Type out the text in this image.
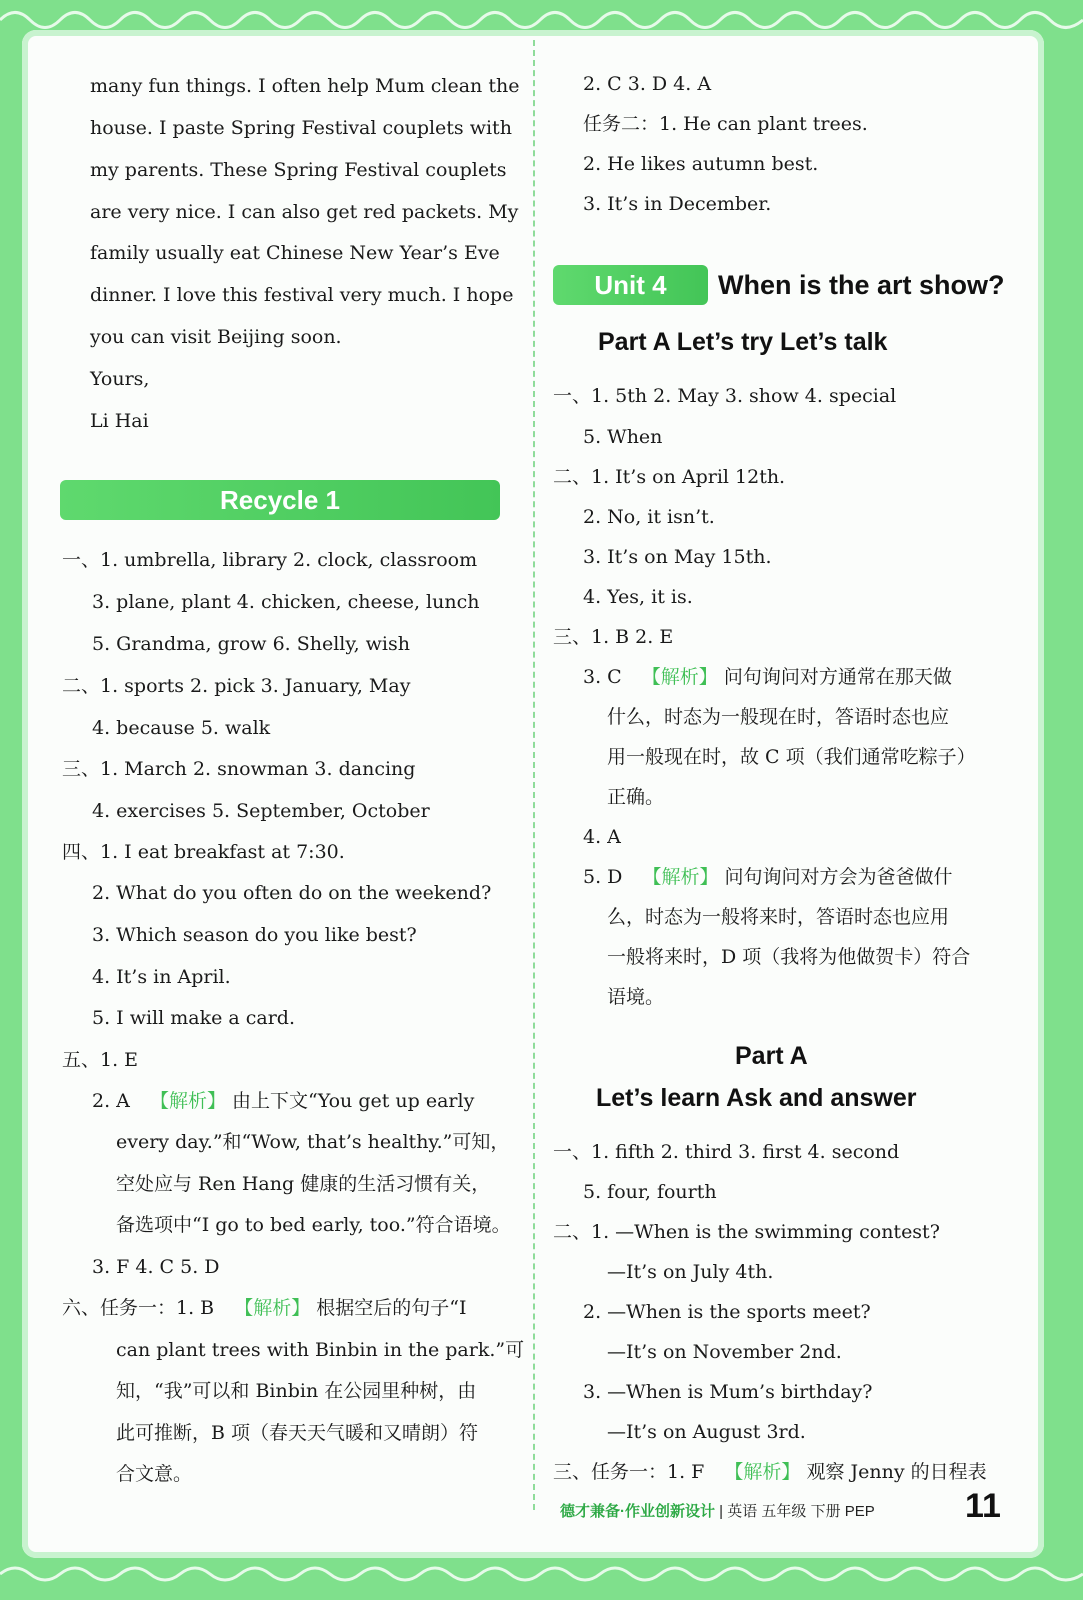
many fun things. I often help Mum clean the
house. I paste Spring Festival couplets with
my parents. These Spring Festival couplets
are very nice. I can also get red packets. My
family usually eat Chinese New Year’s Eve
dinner. I love this festival very much. I hope
you can visit Beijing soon.
Yours,
Li Hai
Recycle 1
一、1. umbrella, library 2. clock, classroom
3. plane, plant 4. chicken, cheese, lunch
5. Grandma, grow 6. Shelly, wish
二、1. sports 2. pick 3. January, May
4. because 5. walk
三、1. March 2. snowman 3. dancing
4. exercises 5. September, October
四、1. I eat breakfast at 7:30.
2. What do you often do on the weekend?
3. Which season do you like best?
4. It’s in April.
5. I will make a card.
五、1. E
2. A 【解析】 由上下文“You get up early
every day.”和“Wow, that’s healthy.”可知，
空处应与 Ren Hang 健康的生活习惯有关，
备选项中“I go to bed early, too.”符合语境。
3. F 4. C 5. D
六、任务一：1. B 【解析】 根据空后的句子“I
can plant trees with Binbin in the park.”可
知，“我”可以和 Binbin 在公园里种树，由
此可推断，B 项（春天天气暖和又晴朗）符
合文意。
2. C 3. D 4. A
任务二：1. He can plant trees.
2. He likes autumn best.
3. It’s in December.
Unit 4	When is the art show?
Part A Let’s try Let’s talk
一、1. 5th 2. May 3. show 4. special
5. When
二、1. It’s on April 12th.
2. No, it isn’t.
3. It’s on May 15th.
4. Yes, it is.
三、1. B 2. E
3. C 【解析】 问句询问对方通常在那天做
什么，时态为一般现在时，答语时态也应
用一般现在时，故 C 项（我们通常吃粽子）
正确。
4. A
5. D 【解析】 问句询问对方会为爸爸做什
么，时态为一般将来时，答语时态也应用
一般将来时，D 项（我将为他做贺卡）符合
语境。
Part A
Let’s learn Ask and answer
一、1. fifth 2. third 3. first 4. second
5. four, fourth
二、1. —When is the swimming contest?
—It’s on July 4th.
2. —When is the sports meet?
—It’s on November 2nd.
3. —When is Mum’s birthday?
—It’s on August 3rd.
三、任务一：1. F 【解析】 观察 Jenny 的日程表
德才兼备·作业创新设计 | 英语 五年级 下册 PEP	11
